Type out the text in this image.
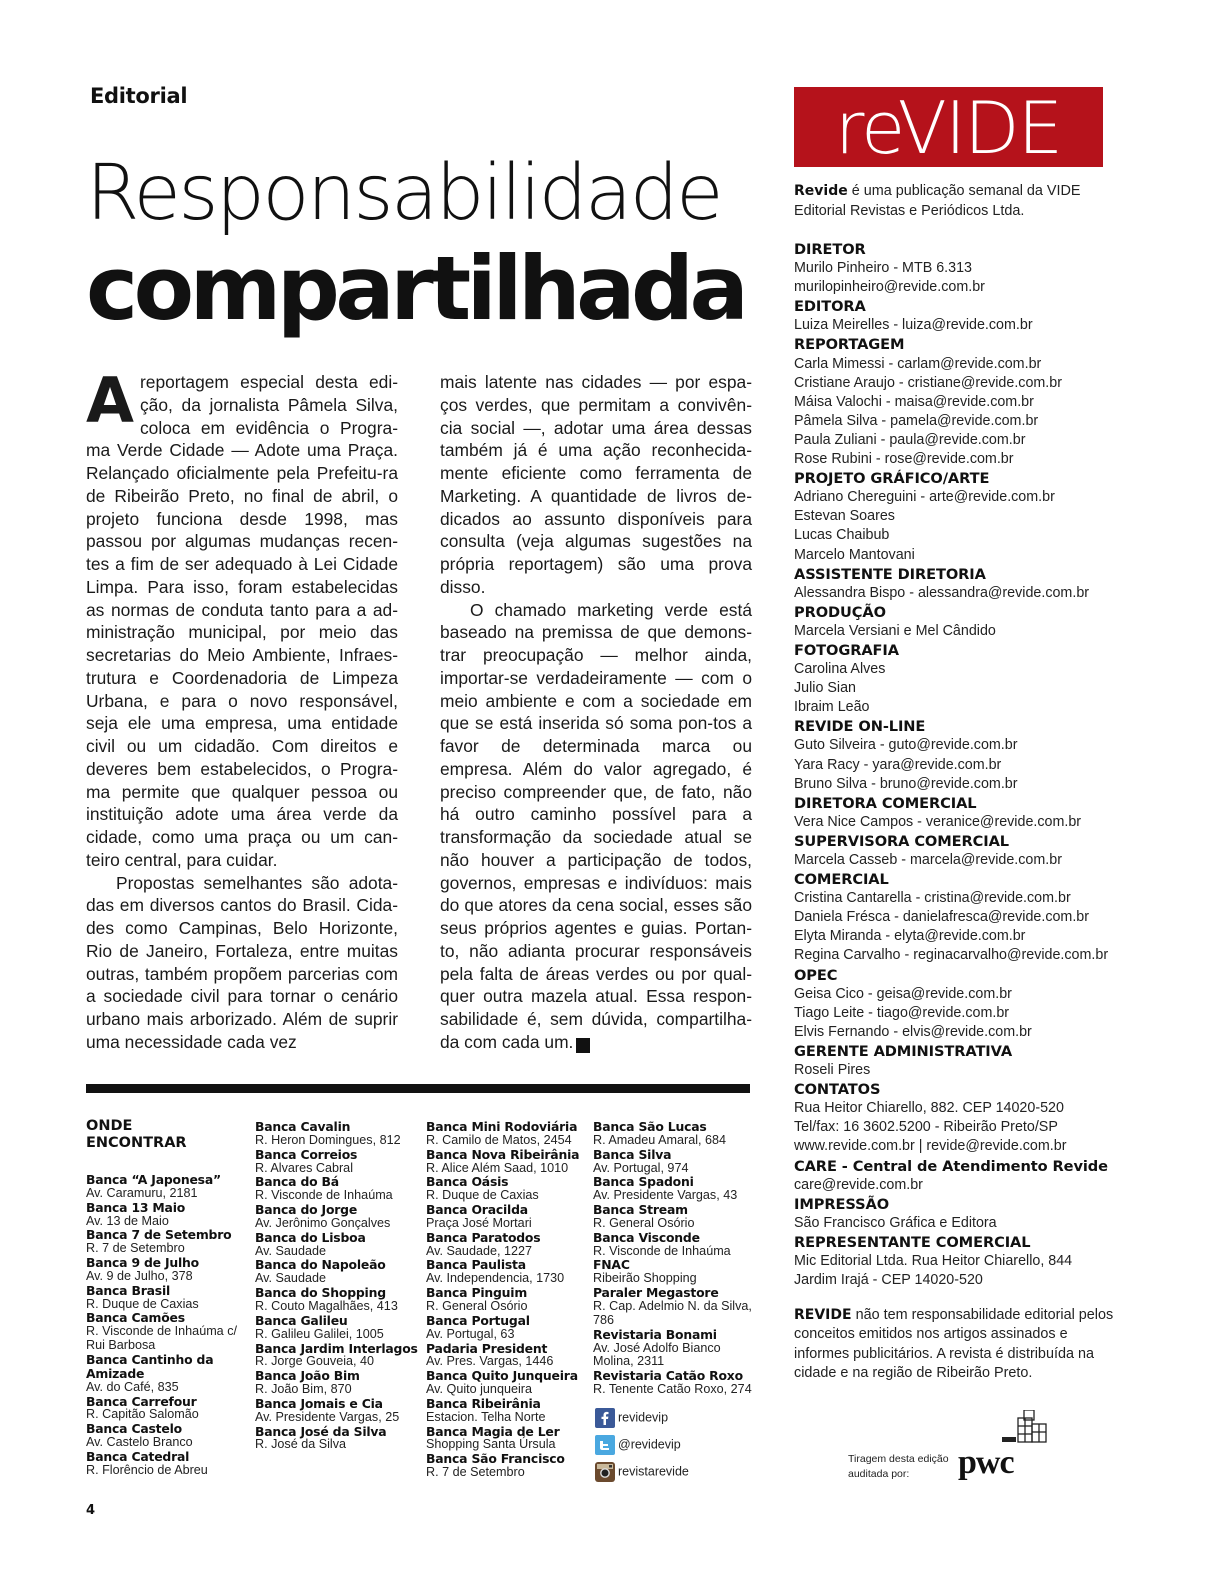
Editorial
Responsabilidade
compartilhada

Areportagem especial desta edi-ção, da jornalista Pâmela Silva, coloca em evidência o Progra-ma Verde Cidade — Adote uma Praça. Relançado oficialmente pela Prefeitu-ra de Ribeirão Preto, no final de abril, o projeto funciona desde 1998, mas passou por algumas mudanças recen-tes a fim de ser adequado à Lei Cidade Limpa. Para isso, foram estabelecidas as normas de conduta tanto para a ad-ministração municipal, por meio das secretarias do Meio Ambiente, Infraes-trutura e Coordenadoria de Limpeza Urbana, e para o novo responsável, seja ele uma empresa, uma entidade civil ou um cidadão. Com direitos e deveres bem estabelecidos, o Progra-ma permite que qualquer pessoa ou instituição adote uma área verde da cidade, como uma praça ou um can-teiro central, para cuidar.

Propostas semelhantes são adota-das em diversos cantos do Brasil. Cida-des como Campinas, Belo Horizonte, Rio de Janeiro, Fortaleza, entre muitas outras, também propõem parcerias com a sociedade civil para tornar o cenário urbano mais arborizado. Além de suprir uma necessidade cada vez

mais latente nas cidades — por espa-ços verdes, que permitam a convivên-cia social —, adotar uma área dessas também já é uma ação reconhecida-mente eficiente como ferramenta de Marketing. A quantidade de livros de-dicados ao assunto disponíveis para consulta (veja algumas sugestões na própria reportagem) são uma prova disso.

O chamado marketing verde está baseado na premissa de que demons-trar preocupação — melhor ainda, importar-se verdadeiramente — com o meio ambiente e com a sociedade em que se está inserida só soma pon-tos a favor de determinada marca ou empresa. Além do valor agregado, é preciso compreender que, de fato, não há outro caminho possível para a transformação da sociedade atual se não houver a participação de todos, governos, empresas e indivíduos: mais do que atores da cena social, esses são seus próprios agentes e guias. Portan-to, não adianta procurar responsáveis pela falta de áreas verdes ou por qual-quer outra mazela atual. Essa respon-sabilidade é, sem dúvida, compartilha-da com cada um.	r

ONDE ENCONTRAR
Banca “A Japonesa”
Av. Caramuru, 2181
Banca 13 Maio
Av. 13 de Maio
Banca 7 de Setembro
R. 7 de Setembro
Banca 9 de Julho
Av. 9 de Julho, 378
Banca Brasil
R. Duque de Caxias
Banca Camões
R. Visconde de Inhaúma c/ Rui Barbosa
Banca Cantinho da Amizade
Av. do Café, 835
Banca Carrefour
R. Capitão Salomão
Banca Castelo
Av. Castelo Branco
Banca Catedral
R. Florêncio de Abreu
Banca Cavalin
R. Heron Domingues, 812
Banca Correios
R. Alvares Cabral
Banca do Bá
R. Visconde de Inhaúma
Banca do Jorge
Av. Jerônimo Gonçalves
Banca do Lisboa
Av. Saudade
Banca do Napoleão
Av. Saudade
Banca do Shopping
R. Couto Magalhães, 413
Banca Galileu
R. Galileu Galilei, 1005
Banca Jardim Interlagos
R. Jorge Gouveia, 40
Banca João Bim
R. João Bim, 870
Banca Jomais e Cia
Av. Presidente Vargas, 25
Banca José da Silva
R. José da Silva
Banca Mini Rodoviária
R. Camilo de Matos, 2454
Banca Nova Ribeirânia
R. Alice Além Saad, 1010
Banca Oásis
R. Duque de Caxias
Banca Oracilda
Praça José Mortari
Banca Paratodos
Av. Saudade, 1227
Banca Paulista
Av. Independencia, 1730
Banca Pinguim
R. General Osório
Banca Portugal
Av. Portugal, 63
Padaria President
Av. Pres. Vargas, 1446
Banca Quito Junqueira
Av. Quito junqueira
Banca Ribeirânia
Estacion. Telha Norte
Banca Magia de Ler
Shopping Santa Úrsula
Banca São Francisco
R. 7 de Setembro
Banca São Lucas
R. Amadeu Amaral, 684
Banca Silva
Av. Portugal, 974
Banca Spadoni
Av. Presidente Vargas, 43
Banca Stream
R. General Osório
Banca Visconde
R. Visconde de Inhaúma
FNAC
Ribeirão Shopping
Paraler Megastore
R. Cap. Adelmio N. da Silva, 786
Revistaria Bonami
Av. José Adolfo Bianco Molina, 2311
Revistaria Catão Roxo
R. Tenente Catão Roxo, 274
revidevip
@revidevip
revistarevide
4
reVIDE
Revide é uma publicação semanal da VIDE Editorial Revistas e Periódicos Ltda.
DIRETOR
Murilo Pinheiro - MTB 6.313
murilopinheiro@revide.com.br
EDITORA
Luiza Meirelles - luiza@revide.com.br
REPORTAGEM
Carla Mimessi - carlam@revide.com.br
Cristiane Araujo - cristiane@revide.com.br
Máisa Valochi - maisa@revide.com.br
Pâmela Silva - pamela@revide.com.br
Paula Zuliani - paula@revide.com.br
Rose Rubini - rose@revide.com.br
PROJETO GRÁFICO/ARTE
Adriano Chereguini - arte@revide.com.br
Estevan Soares
Lucas Chaibub
Marcelo Mantovani
ASSISTENTE DIRETORIA
Alessandra Bispo - alessandra@revide.com.br
PRODUÇÃO
Marcela Versiani e Mel Cândido
FOTOGRAFIA
Carolina Alves
Julio Sian
Ibraim Leão
REVIDE ON-LINE
Guto Silveira - guto@revide.com.br
Yara Racy - yara@revide.com.br
Bruno Silva - bruno@revide.com.br
DIRETORA COMERCIAL
Vera Nice Campos - veranice@revide.com.br
SUPERVISORA COMERCIAL
Marcela Casseb - marcela@revide.com.br
COMERCIAL
Cristina Cantarella - cristina@revide.com.br
Daniela Frésca - danielafresca@revide.com.br
Elyta Miranda - elyta@revide.com.br
Regina Carvalho - reginacarvalho@revide.com.br
OPEC
Geisa Cico - geisa@revide.com.br
Tiago Leite - tiago@revide.com.br
Elvis Fernando - elvis@revide.com.br
GERENTE ADMINISTRATIVA
Roseli Pires
CONTATOS
Rua Heitor Chiarello, 882. CEP 14020-520
Tel/fax: 16 3602.5200 - Ribeirão Preto/SP
www.revide.com.br | revide@revide.com.br
CARE - Central de Atendimento Revide
care@revide.com.br
IMPRESSÃO
São Francisco Gráfica e Editora
REPRESENTANTE COMERCIAL
Mic Editorial Ltda. Rua Heitor Chiarello, 844
Jardim Irajá - CEP 14020-520
REVIDE não tem responsabilidade editorial pelos conceitos emitidos nos artigos assinados e informes publicitários. A revista é distribuída na cidade e na região de Ribeirão Preto.
Tiragem desta edição auditada por:	pwc
